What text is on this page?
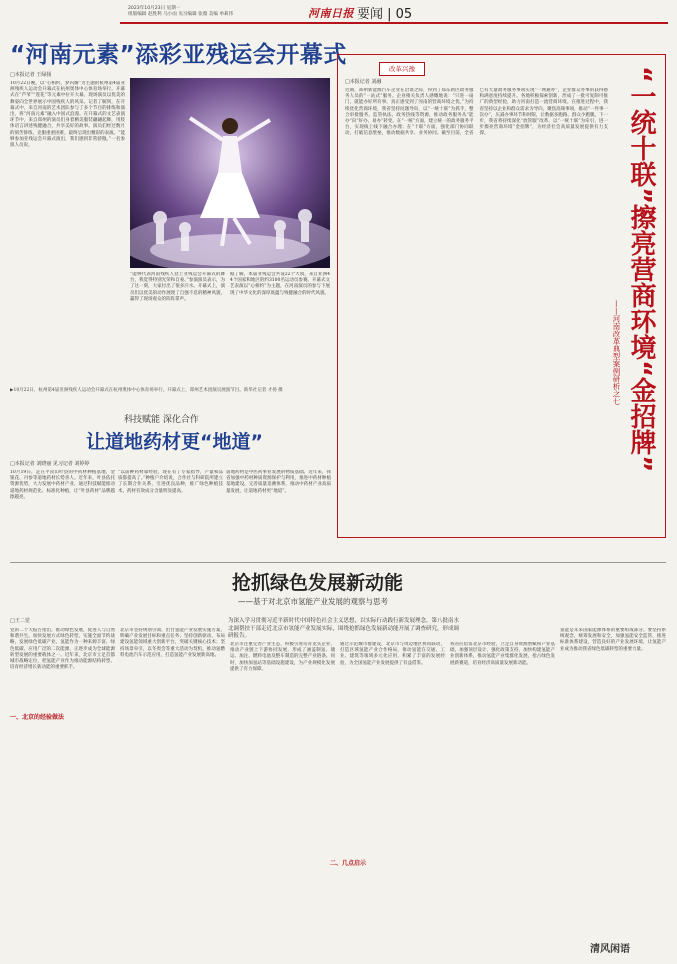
2023年10月23日 星期一
组版编辑 赵胜利 马小雨 见习编辑 张薇 美编 单莉伟	河南日报 要闻 | 05
“河南元素”添彩亚残运会开幕式
□本报记者 王绿扬
10月22日晚，以“心相约，梦闪耀”为主题的杭州第4届亚洲残疾人运动会开幕式在杭州奥体中心体育场举行。开幕式在“芦苇”“莲花”等元素中拉开大幕，现场演员以优美的舞姿向全世界展示中国残疾人的风采。记者了解到，在开幕式中，来自河南的艺术团队参与了多个节目的排练和演出，将“河南元素”融入中国式浪漫。在开幕式的文艺表演环节中，来自郑州的演员们身着精美服装翩翩起舞，用肢体语言讲述残健融合、共享美好的故事。演员们经过数月的刻苦排练，克服重重困难，最终呈现出精彩的表演。“能够参加亚残运会开幕式演出，我们感到非常骄傲。”一名参演人员说。
“能够代表河南残疾人登上亚残运会开幕式的舞台，我觉得特别光荣和自豪。”参演演员表示，为了这一刻，大家付出了很多汗水。开幕式上，演员们以优美的动作展现了自强不息的精神风貌，赢得了现场观众的阵阵掌声。
据了解，本届亚残运会共设22个大项，来自亚洲44个国家和地区的约3100名运动员参赛。开幕式文艺表演以“心相约”为主题，在河南演员的参与下展现了中华文化的深厚底蕴与残健融合的时代风貌。
▶10月22日，杭州第4届亚洲残疾人运动会开幕式在杭州奥体中心体育场举行。开幕式上，郑州艺术团演员展演节目。新华社记者 才扬 摄
科技赋能 深化合作
让道地药材更“地道”
□本报记者 刘晓丽 见习记者 刘婷婷
10月19日，走在平顶山叶县的中药材种植基地，金银花、丹参等道地药材长势喜人。近年来，叶县依托资源优势，大力发展中药材产业，通过科技赋能推动道地药材规范化、标准化种植，让“叶县药材”品牌越擦越亮。
“以前种药材靠经验，现在有了专家指导，产量和品质都提高了。”种植户介绍说，合作社与科研院所建立了长期合作关系，引进优良品种，推广绿色种植技术，药材有效成分含量明显提高。
道地药材是中医药事业发展的物质基础。近年来，我省加强中药材种质资源保护与利用，推进中药材种植基地建设，完善质量追溯体系，推动中药材产业高质量发展，让道地药材更“地道”。
改革兴豫
□本报记者 刘融
近期，郑州新能源汽车企业在洽谈之际，得到了郑东新区政务服务人员的“一站式”服务。企业相关负责人感慨地说：“只进一扇门，就能办好所有事，真正感受到了河南的营商环境之优。”为持续优化营商环境，我省坚持问题导向，以“一统十联”为抓手，整合审批服务、监管执法、政务热线等资源，推动政务服务从“能办”向“好办、易办”转变。在“一统”方面，建立统一的政务服务平台，实现线上线下融合办理；在“十联”方面，强化部门协同联动，打破信息壁垒，推动数据共享、业务协同。截至目前，全省已有大量政务服务事项实现“一网通办”，企业群众办事的获得感和满意度持续提升。各地积极探索创新，形成了一批可复制可推广的典型经验，助力河南打造一流营商环境。在推进过程中，我省坚持以企业和群众需求为导向，聚焦高频事项，推动“一件事一次办”，压减办事环节和时限，让数据多跑路、群众少跑腿。下一步，我省将持续深化“放管服”改革，以“一统十联”为牵引，进一步擦亮营商环境“金招牌”，为经济社会高质量发展提供有力支撑。	“一统十联”擦亮营商环境“金招牌”
——河南改革典型案例研析之七
抢抓绿色发展新动能
——基于对北京市氢能产业发展的观察与思考
为深入学习贯彻习近平新时代中国特色社会主义思想，以实际行动践行新发展理念，第八批南水北调帮扶干部走近北京市氢能产业发展实际，围绕抢抓绿色发展新动能开展了调查研究，形成调研报告。
□王二觉
党的二十大报告指出，推动绿色发展，促进人与自然和谐共生。加快发展方式绿色转型，实施全面节约战略，发展绿色低碳产业。氢能作为一种来源丰富、绿色低碳、应用广泛的二次能源，正逐步成为全球能源转型发展的重要载体之一。近年来，北京市立足首都城市战略定位，把氢能产业作为推动能源结构转型、培育经济增长新动能的重要抓手。
一、北京的经验做法
北京市坚持规划引领，出台氢能产业发展实施方案，明确产业发展目标和重点任务；坚持创新驱动，布局建设氢能领域重大创新平台，突破关键核心技术；坚持场景牵引，以冬奥会等重大活动为契机，推动氢燃料电池汽车示范应用，打造氢能产业发展新高地。
北京市注重完善产业生态，积极引进培育龙头企业，推动产业链上下游协同发展，形成了涵盖制氢、储运、加注、燃料电池及整车制造的完整产业链条。同时，加快加氢站等基础设施建设，为产业规模化发展提供了有力保障。
通过示范城市群建设，北京市与周边地区协同联动，打造区域氢能产业合作格局，推动氢能在交通、工业、建筑等领域多元化应用，积累了丰富的发展经验，为全国氢能产业发展提供了有益借鉴。
二、几点启示
我省应借鉴北京市经验，立足自身资源禀赋和产业基础，加强顶层设计，强化政策支持，加快构建氢能产业创新体系，推动氢能产业集群化发展，抢占绿色发展新赛道，培育经济高质量发展新动能。
氢能是未来国家能源体系的重要组成部分。要坚持系统观念，统筹发展和安全，加强氢能安全监管，推进标准体系建设，营造良好的产业发展环境，让氢能产业成为推动我省绿色低碳转型的重要力量。
清风闲语
